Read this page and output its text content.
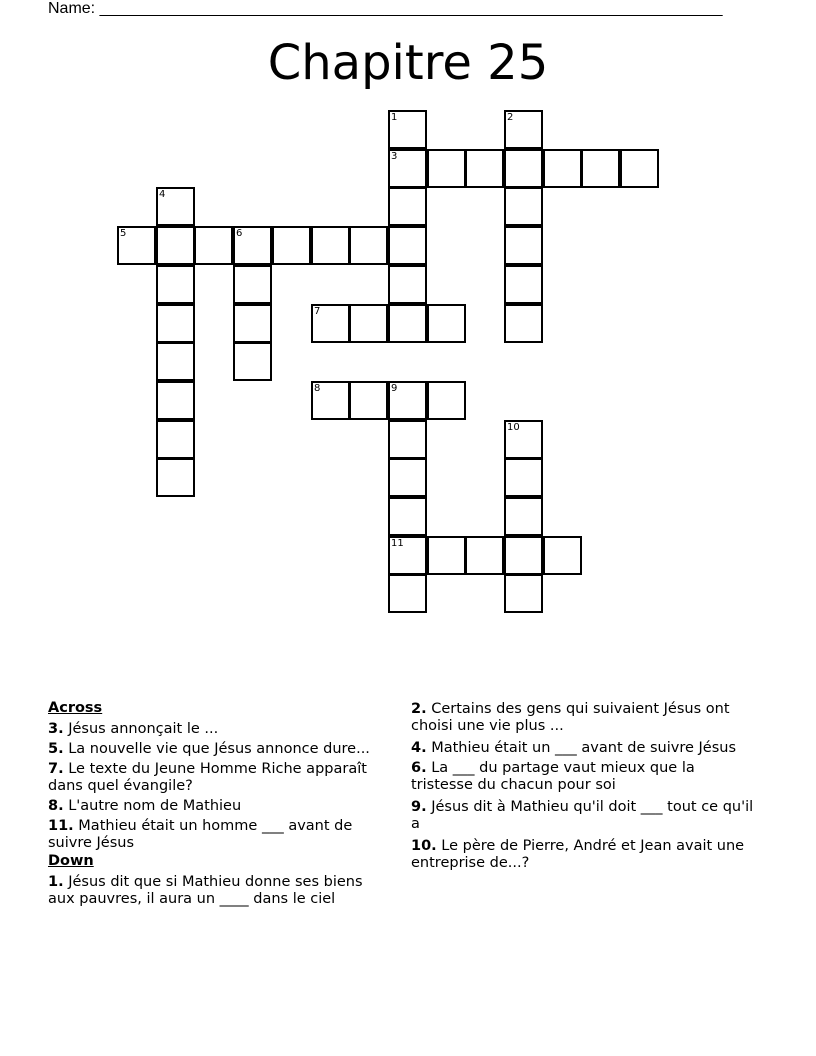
Name: ______________________________________________________________________
Chapitre 25
1	2
3
4
5	6
7
8	9
10
11
Across
3. Jésus annonçait le ...
5. La nouvelle vie que Jésus annonce dure...
7. Le texte du Jeune Homme Riche apparaît dans quel évangile?
8. L'autre nom de Mathieu
11. Mathieu était un homme ___ avant de suivre Jésus
Down
1. Jésus dit que si Mathieu donne ses biens aux pauvres, il aura un ____ dans le ciel
2. Certains des gens qui suivaient Jésus ont choisi une vie plus ...
4. Mathieu était un ___ avant de suivre Jésus
6. La ___ du partage vaut mieux que la tristesse du chacun pour soi
9. Jésus dit à Mathieu qu'il doit ___ tout ce qu'il a
10. Le père de Pierre, André et Jean avait une entreprise de...?
